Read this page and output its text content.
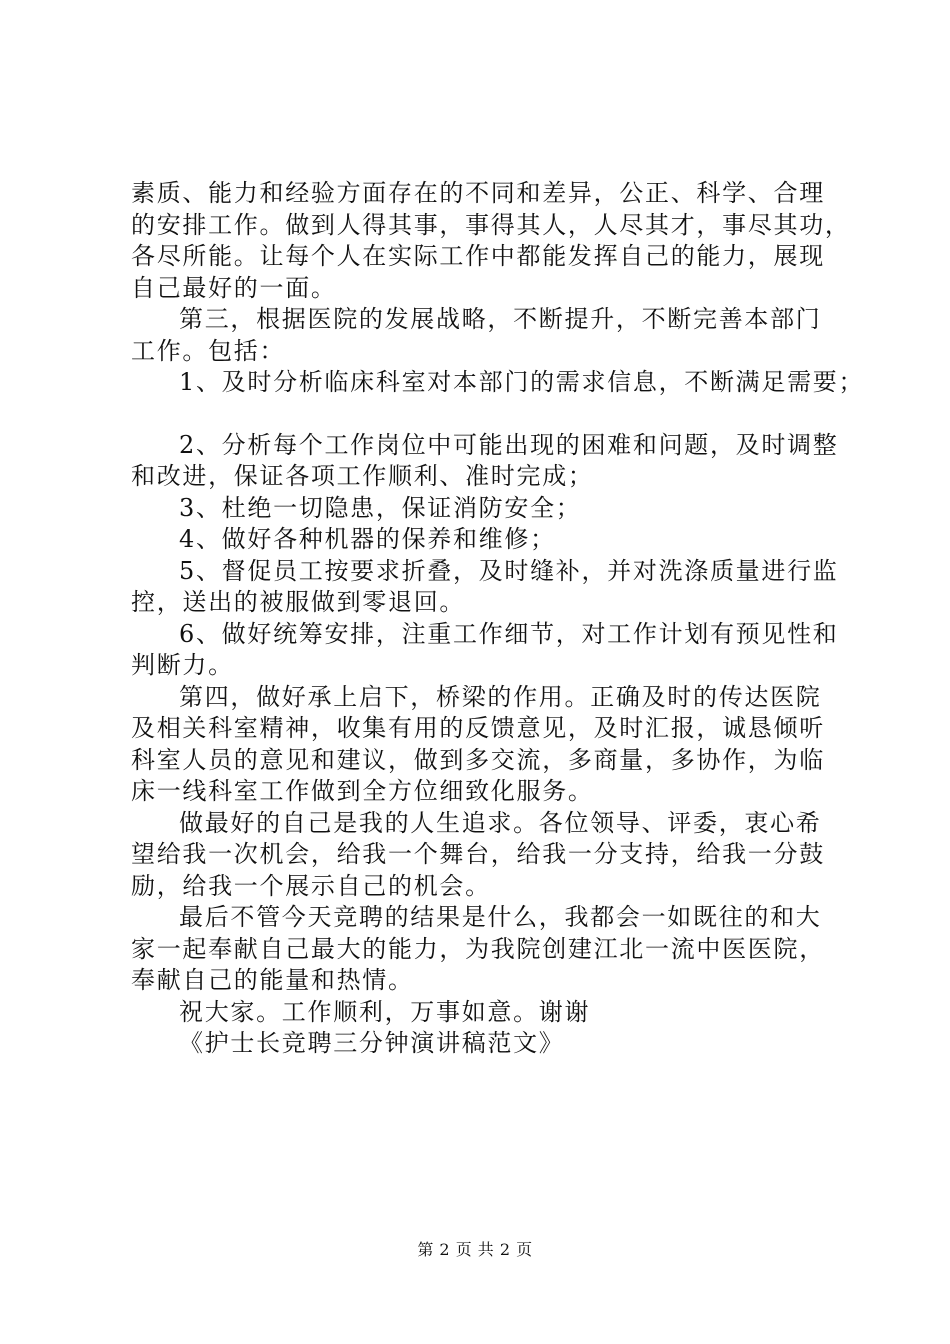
素质、能力和经验方面存在的不同和差异，公正、科学、合理
的安排工作。做到人得其事，事得其人，人尽其才，事尽其功，
各尽所能。让每个人在实际工作中都能发挥自己的能力，展现
自己最好的一面。
第三，根据医院的发展战略，不断提升，不断完善本部门
工作。包括：
1、及时分析临床科室对本部门的需求信息，不断满足需要；
2、分析每个工作岗位中可能出现的困难和问题，及时调整
和改进，保证各项工作顺利、准时完成；
3、杜绝一切隐患，保证消防安全；
4、做好各种机器的保养和维修；
5、督促员工按要求折叠，及时缝补，并对洗涤质量进行监
控，送出的被服做到零退回。
6、做好统筹安排，注重工作细节，对工作计划有预见性和
判断力。
第四，做好承上启下，桥梁的作用。正确及时的传达医院
及相关科室精神，收集有用的反馈意见，及时汇报，诚恳倾听
科室人员的意见和建议，做到多交流，多商量，多协作，为临
床一线科室工作做到全方位细致化服务。
做最好的自己是我的人生追求。各位领导、评委，衷心希
望给我一次机会，给我一个舞台，给我一分支持，给我一分鼓
励，给我一个展示自己的机会。
最后不管今天竞聘的结果是什么，我都会一如既往的和大
家一起奉献自己最大的能力，为我院创建江北一流中医医院，
奉献自己的能量和热情。
祝大家。工作顺利，万事如意。谢谢
《护士长竞聘三分钟演讲稿范文》
第 2 页 共 2 页
